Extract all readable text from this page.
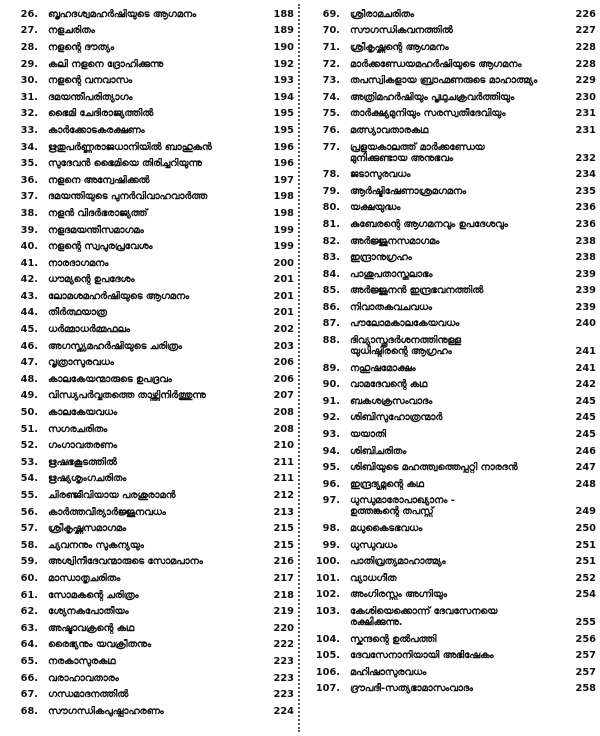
26.	ബൃഹദശ്വമഹർഷിയുടെ ആഗമനം	188
27.	നളചരിതം	189
28.	നളന്റെ ദൗത്യം	190
29.	കലി നളനെ ദ്രോഹിക്കുന്നു	192
30.	നളന്റെ വനവാസം	193
31.	ദമയന്തീപരിത്യാഗം	194
32.	ഭൈമി ചേദിരാജ്യത്തിൽ	195
33.	കാർക്കോടകരക്ഷണം	195
34.	ഋതുപർണ്ണരാജധാനിയിൽ ബാഹുകൻ	196
35.	സുദേവൻ ഭൈമിയെ തിരിച്ചറിയുന്നു	196
36.	നളനെ അന്വേഷിക്കൽ	197
37.	ദമയന്തിയുടെ പുനർവിവാഹവാർത്ത	198
38.	നളൻ വിദർഭരാജ്യത്ത്	198
39.	നളദമയന്തീസമാഗമം	199
40.	നളന്റെ സ്വപുരപ്രവേശം	199
41.	നാരദാഗമനം	200
42.	ധൗമ്യന്റെ ഉപദേശം	201
43.	ലോമശമഹർഷിയുടെ ആഗമനം	201
44.	തീർത്ഥയാത്ര	201
45.	ധർമ്മാധർമ്മഫലം	202
46.	അഗസ്ത്യമഹർഷിയുടെ ചരിത്രം	203
47.	വൃത്രാസുരവധം	206
48.	കാലകേയന്മാരുടെ ഉപദ്രവം	206
49.	വിന്ധ്യപർവ്വതത്തെ താഴ്ത്തിനിർത്തുന്നു	207
50.	കാലകേയവധം	208
51.	സഗരചരിതം	208
52.	ഗംഗാവതരണം	210
53.	ഋഷഭകൂടത്തിൽ	211
54.	ഋഷ്യശൃംഗചരിതം	211
55.	ചിരഞ്ജീവിയായ പരശുരാമൻ	212
56.	കാർത്തവീര്യാർജ്ജുനവധം	213
57.	ശ്രീകൃഷ്ണസമാഗമം	215
58.	ച്യവനനും സുകന്യയും	215
59.	അശ്വിനീദേവന്മാരുടെ സോമപാനം	216
60.	മാന്ധാതൃചരിതം	217
61.	സോമകന്റെ ചരിത്രം	218
62.	ശ്യേനകപോതീയം	219
63.	അഷ്ടാവക്രന്റെ കഥ	220
64.	രൈഭ്യനും യവക്രീതനും	222
65.	നരകാസുരകഥ	223
66.	വരാഹാവതാരം	223
67.	ഗന്ധമാദനത്തിൽ	223
68.	സൗഗന്ധികപുഷ്പാഹരണം	224
69.	ശ്രീരാമചരിതം	226
70.	സൗഗന്ധികവനത്തിൽ	227
71.	ശ്രീകൃഷ്ണന്റെ ആഗമനം	228
72.	മാർക്കണ്ഡേയമഹർഷിയുടെ ആഗമനം	228
73.	തപസ്വികളായ ബ്രാഹ്മണരുടെ മാഹാത്മ്യം	229
74.	അത്രിമഹർഷിയും പൃഥുചക്രവർത്തിയും	230
75.	താർക്ഷ്യമുനിയും സരസ്വതീദേവിയും	231
76.	മത്സ്യാവതാരകഥ	231
77.	പ്രളയകാലത്ത് മാർക്കണ്ഡേയ
മുനിക്കുണ്ടായ അനുഭവം	232
78.	ജടാസുരവധം	234
79.	ആർഷ്ടിഷേണാശ്രമഗമനം	235
80.	യക്ഷയുദ്ധം	236
81.	കുബേരന്റെ ആഗമനവും ഉപദേശവും	236
82.	അർജ്ജുനസമാഗമം	238
83.	ഇന്ദ്രാനുഗ്രഹം	238
84.	പാശുപതാസ്ത്രലാഭം	239
85.	അർജ്ജുനൻ ഇന്ദ്രഭവനത്തിൽ	239
86.	നിവാതകവചവധം	239
87.	പൗലോമകാലകേയവധം	240
88.	ദിവ്യാസ്ത്രദർശനത്തിനുള്ള
യുധിഷ്ഠിരന്റെ ആഗ്രഹം	241
89.	നഹുഷമോക്ഷം	241
90.	വാമദേവന്റെ കഥ	242
91.	ബകശക്രസംവാദം	245
92.	ശിബിസുഹോത്രന്മാർ	245
93.	യയാതി	245
94.	ശിബിചരിതം	246
95.	ശിബിയുടെ മഹത്ത്വത്തെപ്പറ്റി നാരദൻ	247
96.	ഇന്ദ്രദ്യുമ്നന്റെ കഥ	248
97.	ധുന്ധുമാരോപാഖ്യാനം -
ഉത്തങ്കന്റെ തപസ്സ്	249
98.	മധുകൈടഭവധം	250
99.	ധുന്ധുവധം	251
100.	പാതിവ്രത്യമാഹാത്മ്യം	251
101.	വ്യാധഗീത	252
102.	അംഗിരസ്സും അഗ്നിയും	254
103.	കേശിയെക്കൊന്ന് ദേവസേനയെ
രക്ഷിക്കുന്നു.	255
104.	സ്കന്ദന്റെ ഉൽപത്തി	256
105.	ദേവസേനാനിയായി അഭിഷേകം	257
106.	മഹിഷാസുരവധം	257
107.	ദ്രൗപദീ-സത്യഭാമാസംവാദം	258
